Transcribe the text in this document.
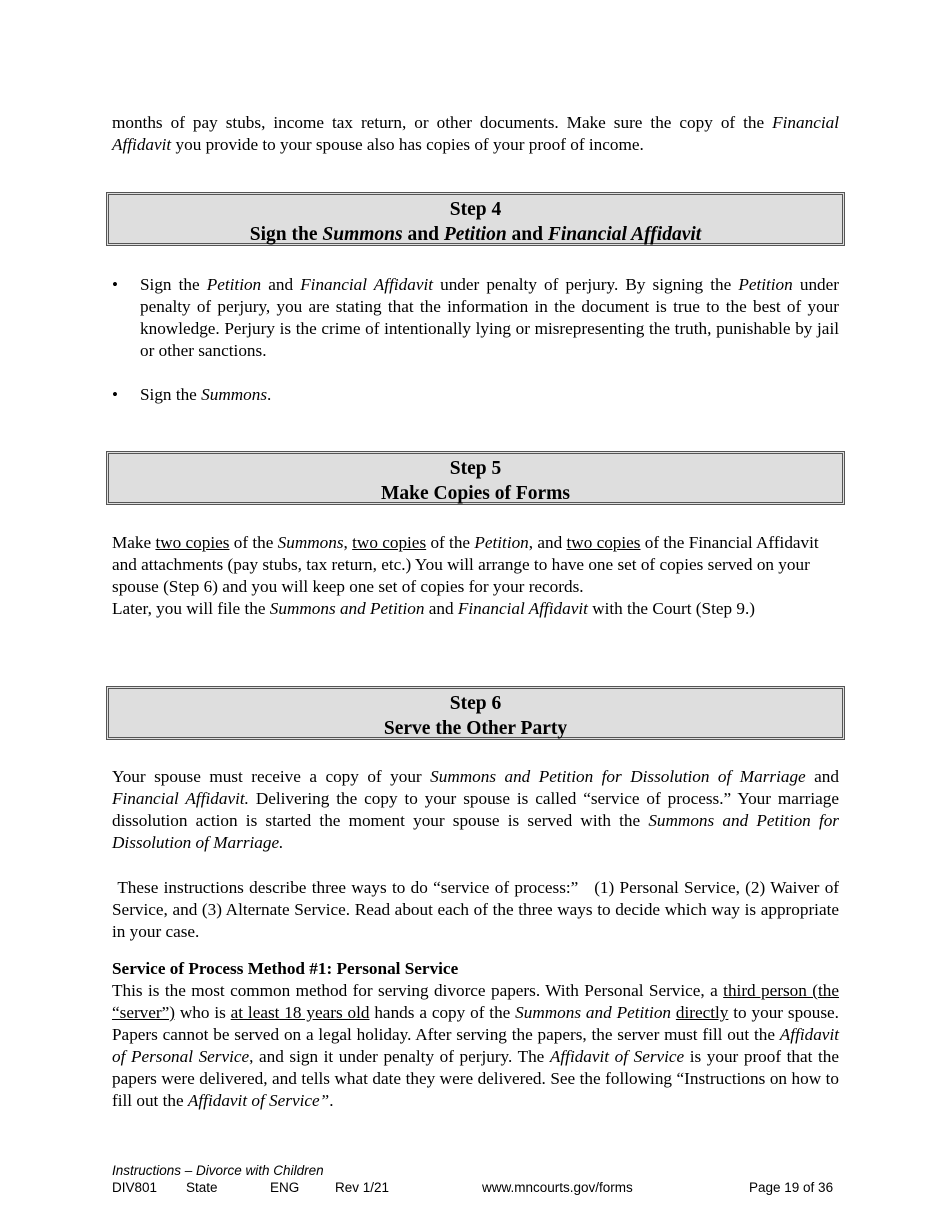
months of pay stubs, income tax return, or other documents. Make sure the copy of the Financial Affidavit you provide to your spouse also has copies of your proof of income.

Step 4
Sign the Summons and Petition and Financial Affidavit
• Sign the Petition and Financial Affidavit under penalty of perjury. By signing the Petition under penalty of perjury, you are stating that the information in the document is true to the best of your knowledge. Perjury is the crime of intentionally lying or misrepresenting the truth, punishable by jail or other sanctions.

• Sign the Summons.

Step 5
Make Copies of Forms

Make two copies of the Summons, two copies of the Petition, and two copies of the Financial Affidavit and attachments (pay stubs, tax return, etc.) You will arrange to have one set of copies served on your spouse (Step 6) and you will keep one set of copies for your records.

Later, you will file the Summons and Petition and Financial Affidavit with the Court (Step 9.)

Step 6
Serve the Other Party

Your spouse must receive a copy of your Summons and Petition for Dissolution of Marriage and Financial Affidavit. Delivering the copy to your spouse is called “service of process.” Your marriage dissolution action is started the moment your spouse is served with the Summons and Petition for Dissolution of Marriage.

These instructions describe three ways to do “service of process:”   (1) Personal Service, (2) Waiver of Service, and (3) Alternate Service. Read about each of the three ways to decide which way is appropriate in your case.

Service of Process Method #1: Personal Service

This is the most common method for serving divorce papers. With Personal Service, a third person (the “server”) who is at least 18 years old hands a copy of the Summons and Petition directly to your spouse. Papers cannot be served on a legal holiday. After serving the papers, the server must fill out the Affidavit of Personal Service, and sign it under penalty of perjury. The Affidavit of Service is your proof that the papers were delivered, and tells what date they were delivered. See the following “Instructions on how to fill out the Affidavit of Service”.

Instructions – Divorce with Children
DIV801 State	ENG	Rev 1/21	www.mncourts.gov/forms	Page 19 of 36
